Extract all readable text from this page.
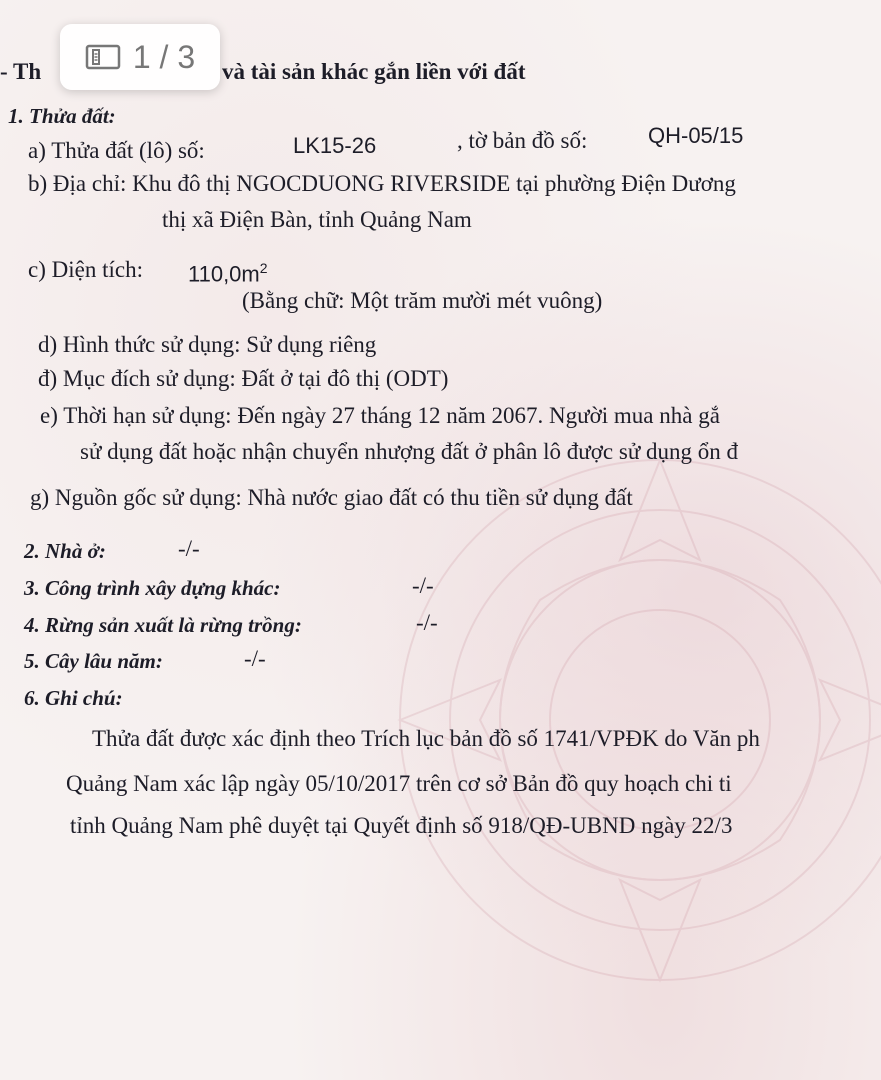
1 / 3
- Th	và tài sản khác gắn liền với đất
1. Thửa đất:
a) Thửa đất (lô) số:	LK15-26	, tờ bản đồ số:	QH-05/15
b) Địa chỉ: Khu đô thị NGOCDUONG RIVERSIDE tại phường Điện Dương
thị xã Điện Bàn, tỉnh Quảng Nam
c) Diện tích: $110,0m^2$
(Bằng chữ: Một trăm mười mét vuông)
d) Hình thức sử dụng: Sử dụng riêng
đ) Mục đích sử dụng: Đất ở tại đô thị (ODT)
e) Thời hạn sử dụng: Đến ngày 27 tháng 12 năm 2067. Người mua nhà gắ
sử dụng đất hoặc nhận chuyển nhượng đất ở phân lô được sử dụng ổn đ
g) Nguồn gốc sử dụng: Nhà nước giao đất có thu tiền sử dụng đất
2. Nhà ở:	-/-
3. Công trình xây dựng khác:	-/-
4. Rừng sản xuất là rừng trồng:	-/-
5. Cây lâu năm:	-/-
6. Ghi chú:
Thửa đất được xác định theo Trích lục bản đồ số 1741/VPĐK do Văn ph
Quảng Nam xác lập ngày 05/10/2017 trên cơ sở Bản đồ quy hoạch chi ti
tỉnh Quảng Nam phê duyệt tại Quyết định số 918/QĐ-UBND ngày 22/3
